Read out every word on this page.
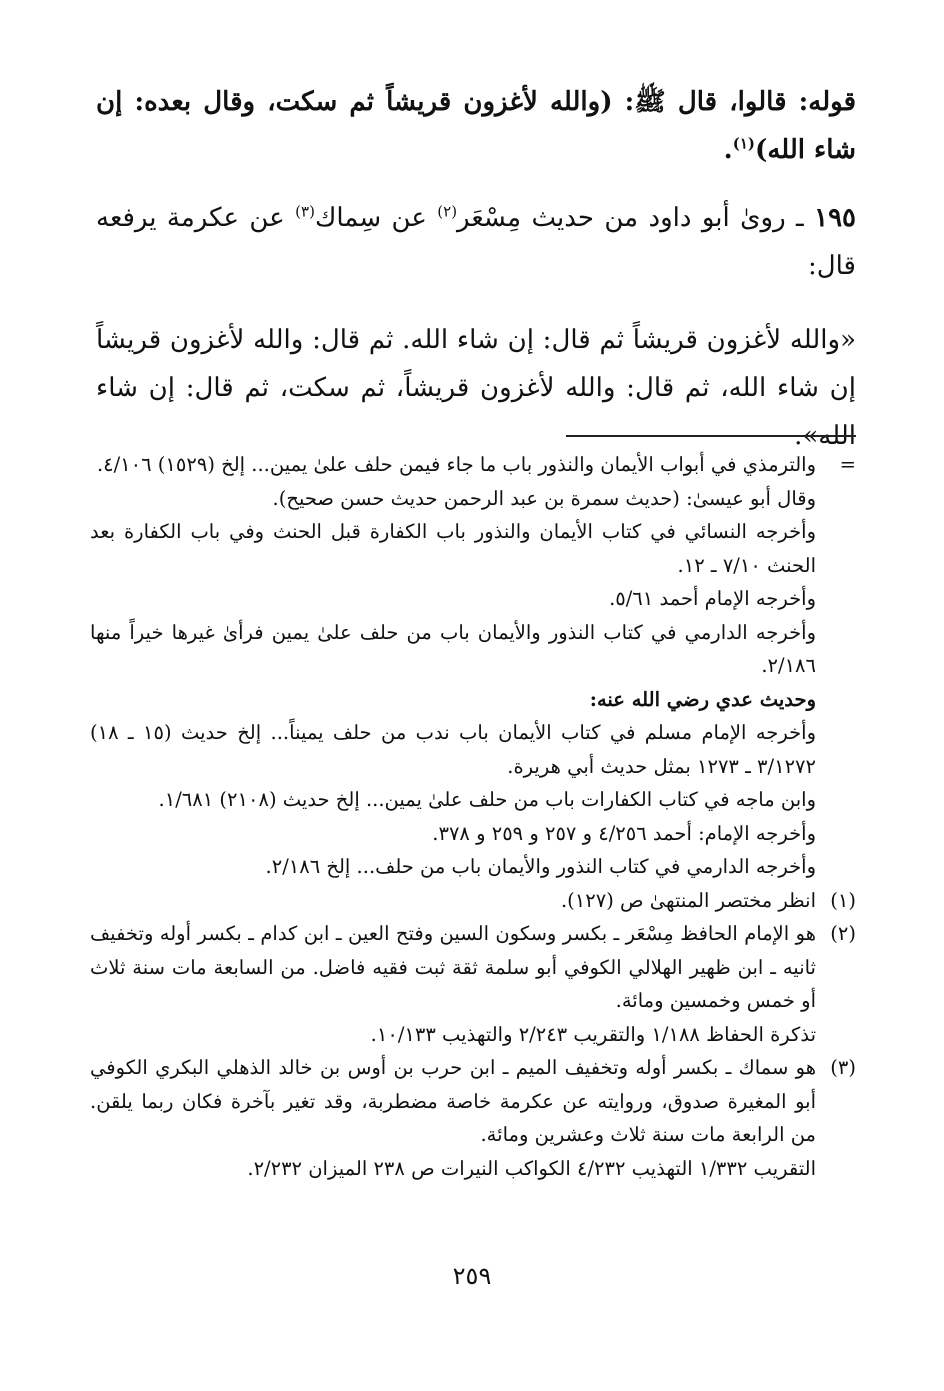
قوله: قالوا، قال ﷺ: (والله لأغزون قريشاً ثم سكت، وقال بعده: إن شاء الله)$^{(١)}$.
١٩٥ ـ روىٰ أبو داود من حديث مِسْعَر$^{(٢)}$ عن سِماك$^{(٣)}$ عن عكرمة يرفعه قال:
«والله لأغزون قريشاً ثم قال: إن شاء الله. ثم قال: والله لأغزون قريشاً إن شاء الله، ثم قال: والله لأغزون قريشاً، ثم سكت، ثم قال: إن شاء الله».
=
والترمذي في أبواب الأيمان والنذور باب ما جاء فيمن حلف علىٰ يمين... إلخ (١٥٢٩) ٤/١٠٦.
وقال أبو عيسىٰ: (حديث سمرة بن عبد الرحمن حديث حسن صحيح).
وأخرجه النسائي في كتاب الأيمان والنذور باب الكفارة قبل الحنث وفي باب الكفارة بعد الحنث ٧/١٠ ـ ١٢.
وأخرجه الإمام أحمد ٥/٦١.
وأخرجه الدارمي في كتاب النذور والأيمان باب من حلف علىٰ يمين فرأىٰ غيرها خيراً منها ٢/١٨٦.
وحديث عدي رضي الله عنه:
وأخرجه الإمام مسلم في كتاب الأيمان باب ندب من حلف يميناً... إلخ حديث (١٥ ـ ١٨) ٣/١٢٧٢ ـ ١٢٧٣ بمثل حديث أبي هريرة.
وابن ماجه في كتاب الكفارات باب من حلف علىٰ يمين... إلخ حديث (٢١٠٨) ١/٦٨١.
وأخرجه الإمام: أحمد ٤/٢٥٦ و ٢٥٧ و ٢٥٩ و ٣٧٨.
وأخرجه الدارمي في كتاب النذور والأيمان باب من حلف... إلخ ٢/١٨٦.
(١)
انظر مختصر المنتهىٰ ص (١٢٧).
(٢)
هو الإمام الحافظ مِسْعَر ـ بكسر وسكون السين وفتح العين ـ ابن كدام ـ بكسر أوله وتخفيف ثانيه ـ ابن ظهير الهلالي الكوفي أبو سلمة ثقة ثبت فقيه فاضل. من السابعة مات سنة ثلاث أو خمس وخمسين ومائة.
تذكرة الحفاظ ١/١٨٨ والتقريب ٢/٢٤٣ والتهذيب ١٠/١٣٣.
(٣)
هو سماك ـ بكسر أوله وتخفيف الميم ـ ابن حرب بن أوس بن خالد الذهلي البكري الكوفي أبو المغيرة صدوق، وروايته عن عكرمة خاصة مضطربة، وقد تغير بآخرة فكان ربما يلقن. من الرابعة مات سنة ثلاث وعشرين ومائة.
التقريب ١/٣٣٢ التهذيب ٤/٢٣٢ الكواكب النيرات ص ٢٣٨ الميزان ٢/٢٣٢.
٢٥٩
